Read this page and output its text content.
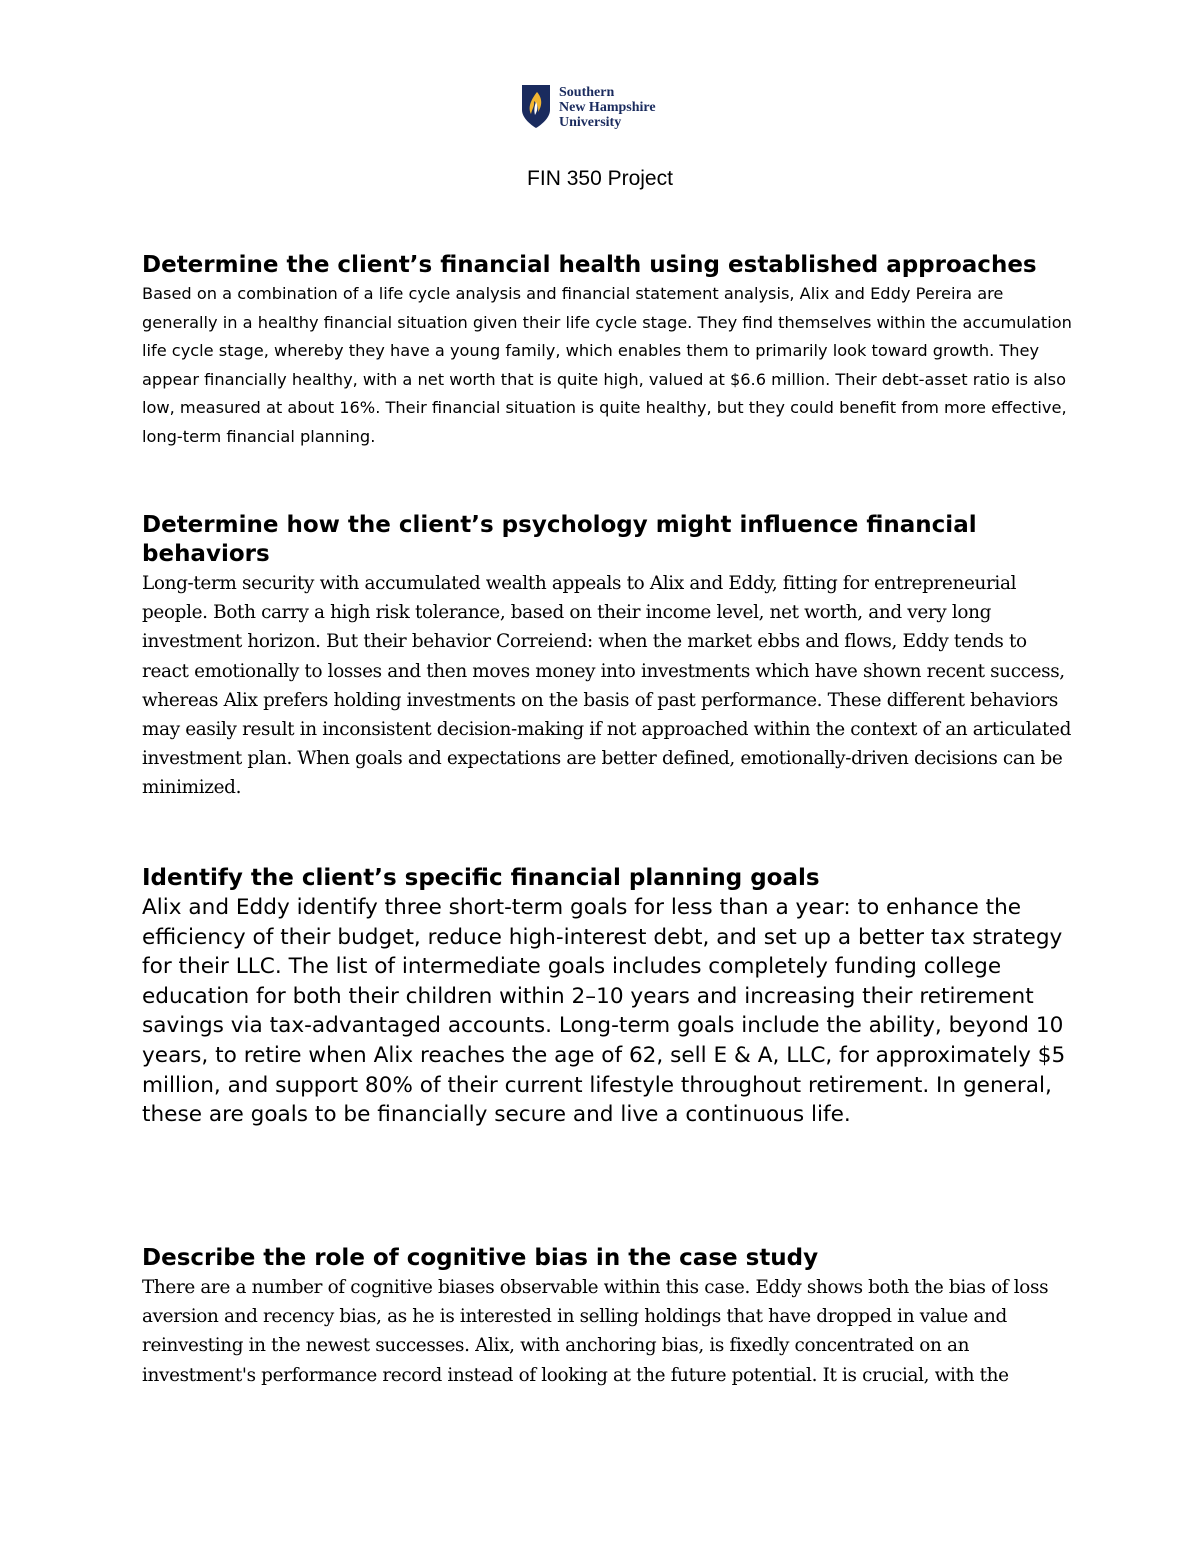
Southern
New Hampshire
University
FIN 350 Project
Determine the client’s financial health using established approaches

Based on a combination of a life cycle analysis and financial statement analysis, Alix and Eddy Pereira are generally in a healthy financial situation given their life cycle stage. They find themselves within the accumulation life cycle stage, whereby they have a young family, which enables them to primarily look toward growth. They appear financially healthy, with a net worth that is quite high, valued at $6.6 million. Their debt-asset ratio is also low, measured at about 16%. Their financial situation is quite healthy, but they could benefit from more effective, long-term financial planning.

Determine how the client’s psychology might influence financial behaviors

Long-term security with accumulated wealth appeals to Alix and Eddy, fitting for entrepreneurial people. Both carry a high risk tolerance, based on their income level, net worth, and very long investment horizon. But their behavior Correiend: when the market ebbs and flows, Eddy tends to react emotionally to losses and then moves money into investments which have shown recent success, whereas Alix prefers holding investments on the basis of past performance. These different behaviors may easily result in inconsistent decision-making if not approached within the context of an articulated investment plan. When goals and expectations are better defined, emotionally-driven decisions can be minimized.

Identify the client’s specific financial planning goals

Alix and Eddy identify three short-term goals for less than a year: to enhance the efficiency of their budget, reduce high-interest debt, and set up a better tax strategy for their LLC. The list of intermediate goals includes completely funding college education for both their children within 2–10 years and increasing their retirement savings via tax-advantaged accounts. Long-term goals include the ability, beyond 10 years, to retire when Alix reaches the age of 62, sell E & A, LLC, for approximately $5 million, and support 80% of their current lifestyle throughout retirement. In general, these are goals to be financially secure and live a continuous life.

Describe the role of cognitive bias in the case study

There are a number of cognitive biases observable within this case. Eddy shows both the bias of loss aversion and recency bias, as he is interested in selling holdings that have dropped in value and reinvesting in the newest successes. Alix, with anchoring bias, is fixedly concentrated on an investment's performance record instead of looking at the future potential. It is crucial, with the
